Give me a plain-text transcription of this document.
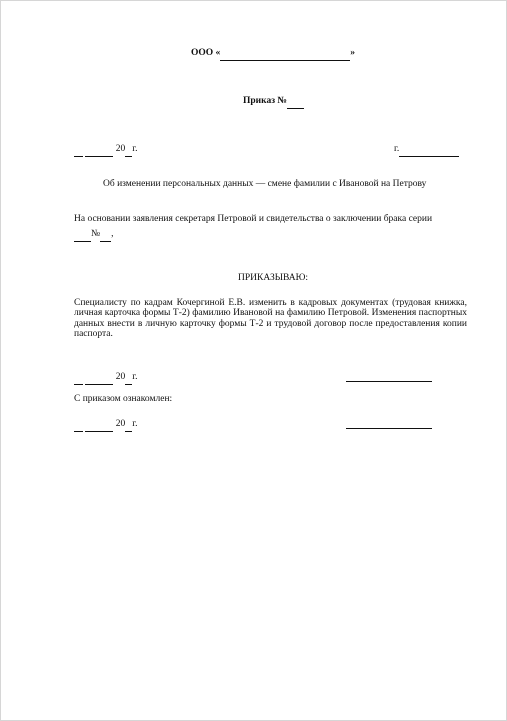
ООО «	»
Приказ №
20 г.	г.
Об изменении персональных данных — смене фамилии с Ивановой на Петрову
На основании заявления секретаря Петровой и свидетельства о заключении брака серии
№ ,
ПРИКАЗЫВАЮ:
Специалисту по кадрам Кочергиной Е.В. изменить в кадровых документах (трудовая книжка, личная карточка формы Т-2) фамилию Ивановой на фамилию Петровой. Изменения паспортных данных внести в личную карточку формы Т-2 и трудовой договор после предоставления копии паспорта.
20 г.
С приказом ознакомлен:
20 г.
